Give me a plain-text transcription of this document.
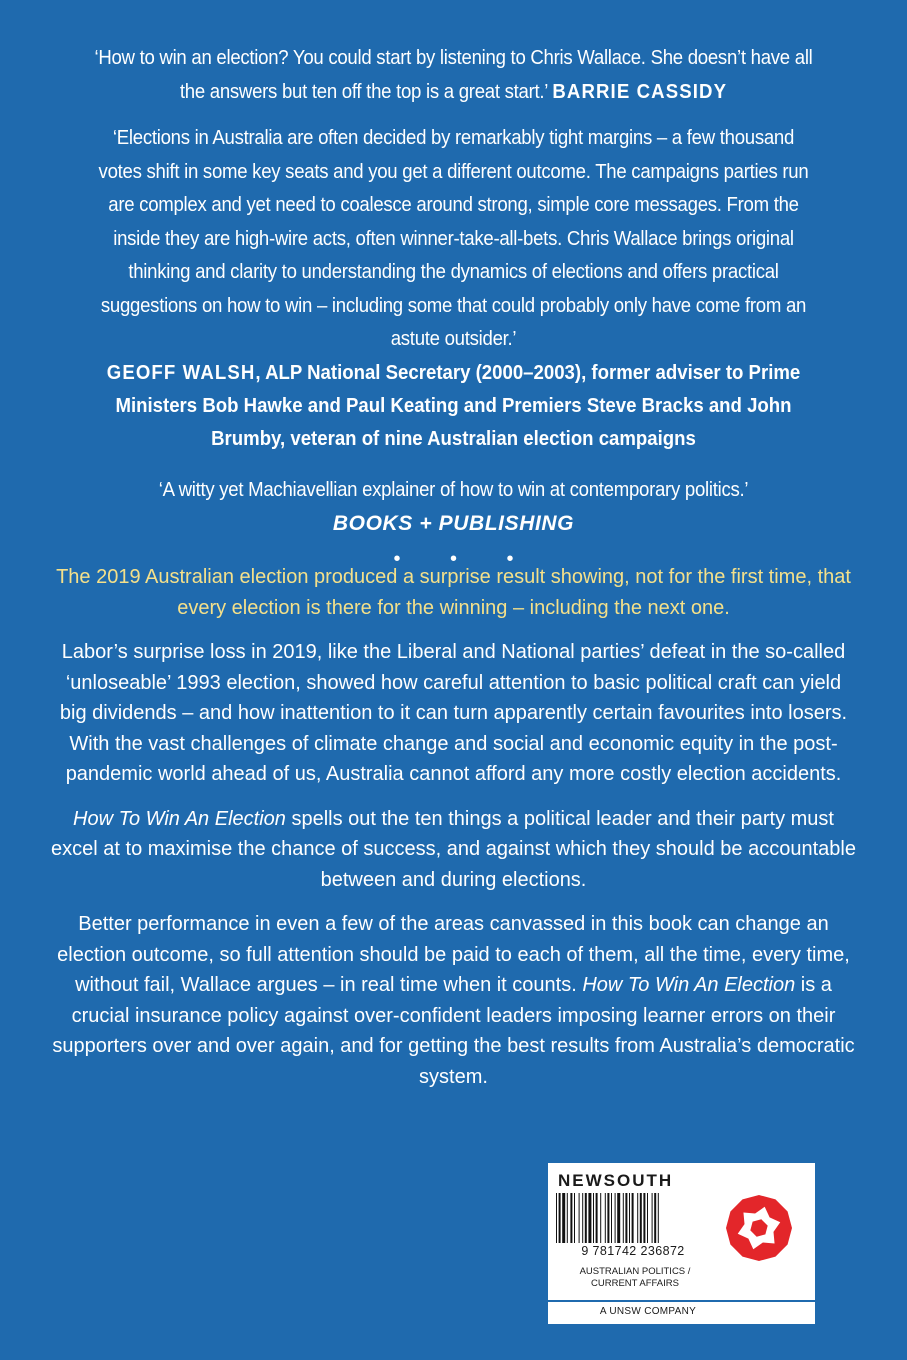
‘How to win an election? You could start by listening to Chris Wallace. She doesn’t have all the answers but ten off the top is a great start.’ BARRIE CASSIDY

‘Elections in Australia are often decided by remarkably tight margins – a few thousand votes shift in some key seats and you get a different outcome. The campaigns parties run are complex and yet need to coalesce around strong, simple core messages. From the inside they are high-wire acts, often winner-take-all-bets. Chris Wallace brings original thinking and clarity to understanding the dynamics of elections and offers practical suggestions on how to win – including some that could probably only have come from an astute outsider.’

GEOFF WALSH, ALP National Secretary (2000–2003), former adviser to Prime Ministers Bob Hawke and Paul Keating and Premiers Steve Bracks and John Brumby, veteran of nine Australian election campaigns

‘A witty yet Machiavellian explainer of how to win at contemporary politics.’

BOOKS + PUBLISHING

• • •

The 2019 Australian election produced a surprise result showing, not for the first time, that every election is there for the winning – including the next one.

Labor’s surprise loss in 2019, like the Liberal and National parties’ defeat in the so-called ‘unloseable’ 1993 election, showed how careful attention to basic political craft can yield big dividends – and how inattention to it can turn apparently certain favourites into losers. With the vast challenges of climate change and social and economic equity in the post-pandemic world ahead of us, Australia cannot afford any more costly election accidents.

How To Win An Election spells out the ten things a political leader and their party must excel at to maximise the chance of success, and against which they should be accountable between and during elections.

Better performance in even a few of the areas canvassed in this book can change an election outcome, so full attention should be paid to each of them, all the time, every time, without fail, Wallace argues – in real time when it counts. How To Win An Election is a crucial insurance policy against over-confident leaders imposing learner errors on their supporters over and over again, and for getting the best results from Australia’s democratic system.

NEWSOUTH
9 781742 236872
AUSTRALIAN POLITICS /
CURRENT AFFAIRS
A UNSW COMPANY
